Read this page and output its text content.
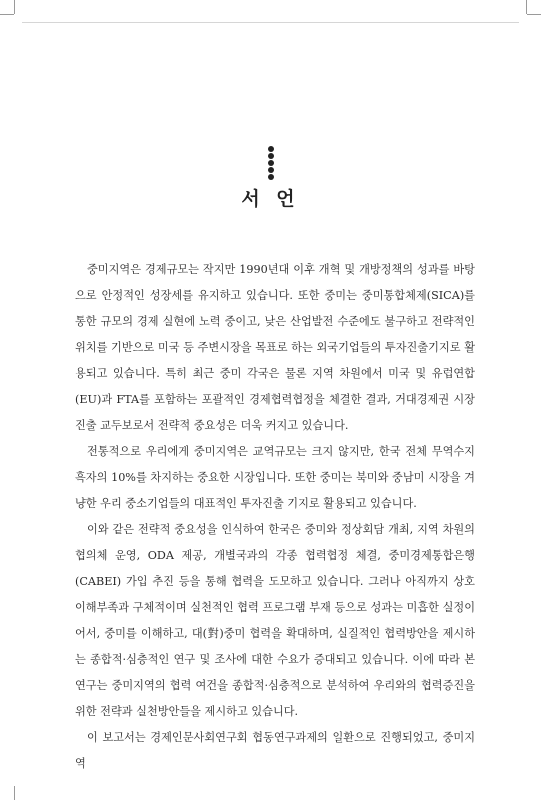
서 언

중미지역은 경제규모는 작지만 1990년대 이후 개혁 및 개방정책의 성과를 바탕으로 안정적인 성장세를 유지하고 있습니다. 또한 중미는 중미통합체제(SICA)를 통한 규모의 경제 실현에 노력 중이고, 낮은 산업발전 수준에도 불구하고 전략적인 위치를 기반으로 미국 등 주변시장을 목표로 하는 외국기업들의 투자진출기지로 활용되고 있습니다. 특히 최근 중미 각국은 물론 지역 차원에서 미국 및 유럽연합(EU)과 FTA를 포함하는 포괄적인 경제협력협정을 체결한 결과, 거대경제권 시장 진출 교두보로서 전략적 중요성은 더욱 커지고 있습니다.

전통적으로 우리에게 중미지역은 교역규모는 크지 않지만, 한국 전체 무역수지 흑자의 10%를 차지하는 중요한 시장입니다. 또한 중미는 북미와 중남미 시장을 겨냥한 우리 중소기업들의 대표적인 투자진출 기지로 활용되고 있습니다.

이와 같은 전략적 중요성을 인식하여 한국은 중미와 정상회담 개최, 지역 차원의 협의체 운영, ODA 제공, 개별국과의 각종 협력협정 체결, 중미경제통합은행(CABEI) 가입 추진 등을 통해 협력을 도모하고 있습니다. 그러나 아직까지 상호 이해부족과 구체적이며 실천적인 협력 프로그램 부재 등으로 성과는 미흡한 실정이어서, 중미를 이해하고, 대(對)중미 협력을 확대하며, 실질적인 협력방안을 제시하는 종합적·심층적인 연구 및 조사에 대한 수요가 증대되고 있습니다. 이에 따라 본 연구는 중미지역의 협력 여건을 종합적·심층적으로 분석하여 우리와의 협력증진을 위한 전략과 실천방안들을 제시하고 있습니다.

이 보고서는 경제인문사회연구회 협동연구과제의 일환으로 진행되었고, 중미지역
